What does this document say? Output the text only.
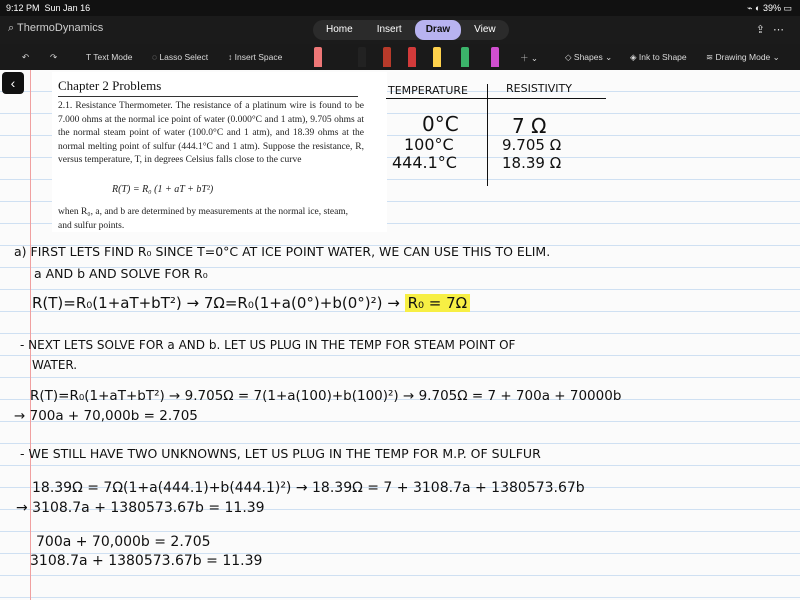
9:12 PM Sun Jan 16	⌁ ◐ 39% ▭
⌕ ThermoDynamics	⇪⋯
Home	Insert	Draw	View
↶ ↷	T Text Mode ◌ Lasso Select ↕ Insert Space	＋ ⌄	◇ Shapes ⌄ ◈ Ink to Shape ≋ Drawing Mode ⌄
‹	Chapter 2 Problems
2.1. Resistance Thermometer. The resistance of a platinum wire is found to be 7.000 ohms at the normal ice point of water (0.000°C and 1 atm), 9.705 ohms at the normal steam point of water (100.0°C and 1 atm), and 18.39 ohms at the normal melting point of sulfur (444.1°C and 1 atm). Suppose the resistance, R, versus temperature, T, in degrees Celsius falls close to the curve
R(T) = R₀ (1 + aT + bT²)
when R₀, a, and b are determined by measurements at the normal ice, steam, and sulfur points.
TEMPERATURE	RESISTIVITY
0°C	7 Ω
100°C	9.705 Ω
444.1°C	18.39 Ω
a) FIRST LETS FIND R₀ SINCE T=0°C AT ICE POINT WATER, WE CAN USE THIS TO ELIM.
a AND b AND SOLVE FOR R₀
R(T)=R₀(1+aT+bT²) → 7Ω=R₀(1+a(0°)+b(0°)²) → R₀ = 7Ω
- NEXT LETS SOLVE FOR a AND b. LET US PLUG IN THE TEMP FOR STEAM POINT OF
WATER.
R(T)=R₀(1+aT+bT²) → 9.705Ω = 7(1+a(100)+b(100)²) → 9.705Ω = 7 + 700a + 70000b
→ 700a + 70,000b = 2.705
- WE STILL HAVE TWO UNKNOWNS, LET US PLUG IN THE TEMP FOR M.P. OF SULFUR
18.39Ω = 7Ω(1+a(444.1)+b(444.1)²) → 18.39Ω = 7 + 3108.7a + 1380573.67b
→ 3108.7a + 1380573.67b = 11.39
700a + 70,000b = 2.705
3108.7a + 1380573.67b = 11.39
